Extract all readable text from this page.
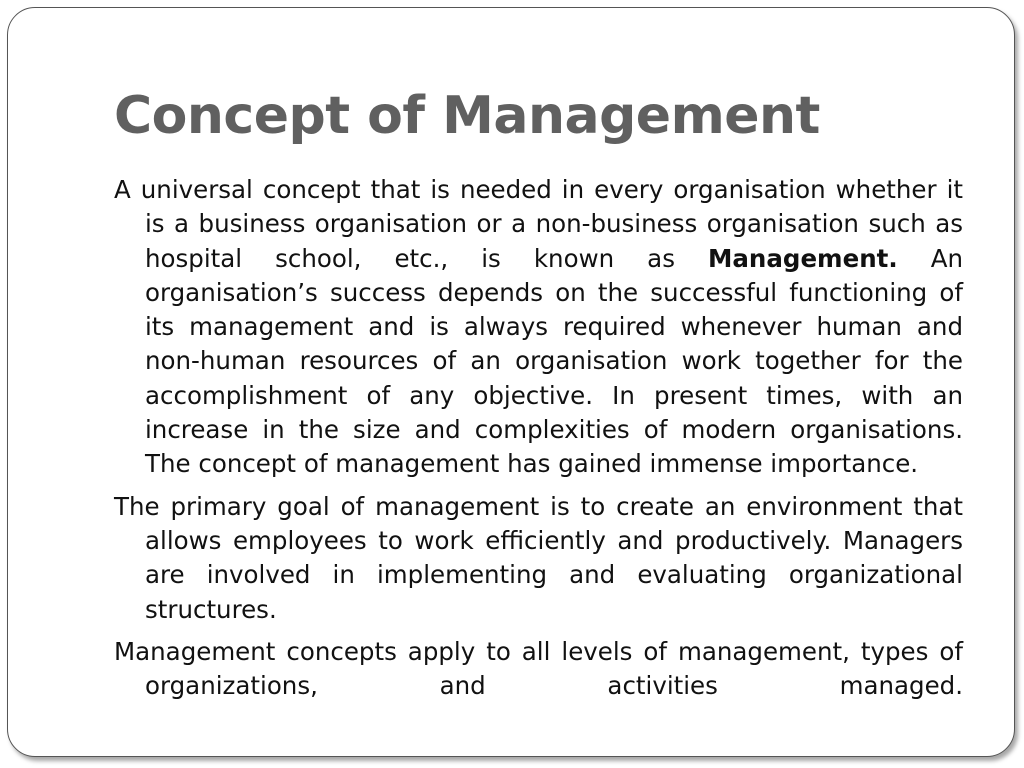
Concept of Management

A universal concept that is needed in every organisation whether it is a business organisation or a non-business organisation such as hospital school, etc., is known as Management. An organisation’s success depends on the successful functioning of its management and is always required whenever human and non-human resources of an organisation work together for the accomplishment of any objective. In present times, with an increase in the size and complexities of modern organisations. The concept of management has gained immense importance.

The primary goal of management is to create an environment that allows employees to work efficiently and productively. Managers are involved in implementing and evaluating organizational structures.

Management concepts apply to all levels of management, types of organizations, and activities managed.
